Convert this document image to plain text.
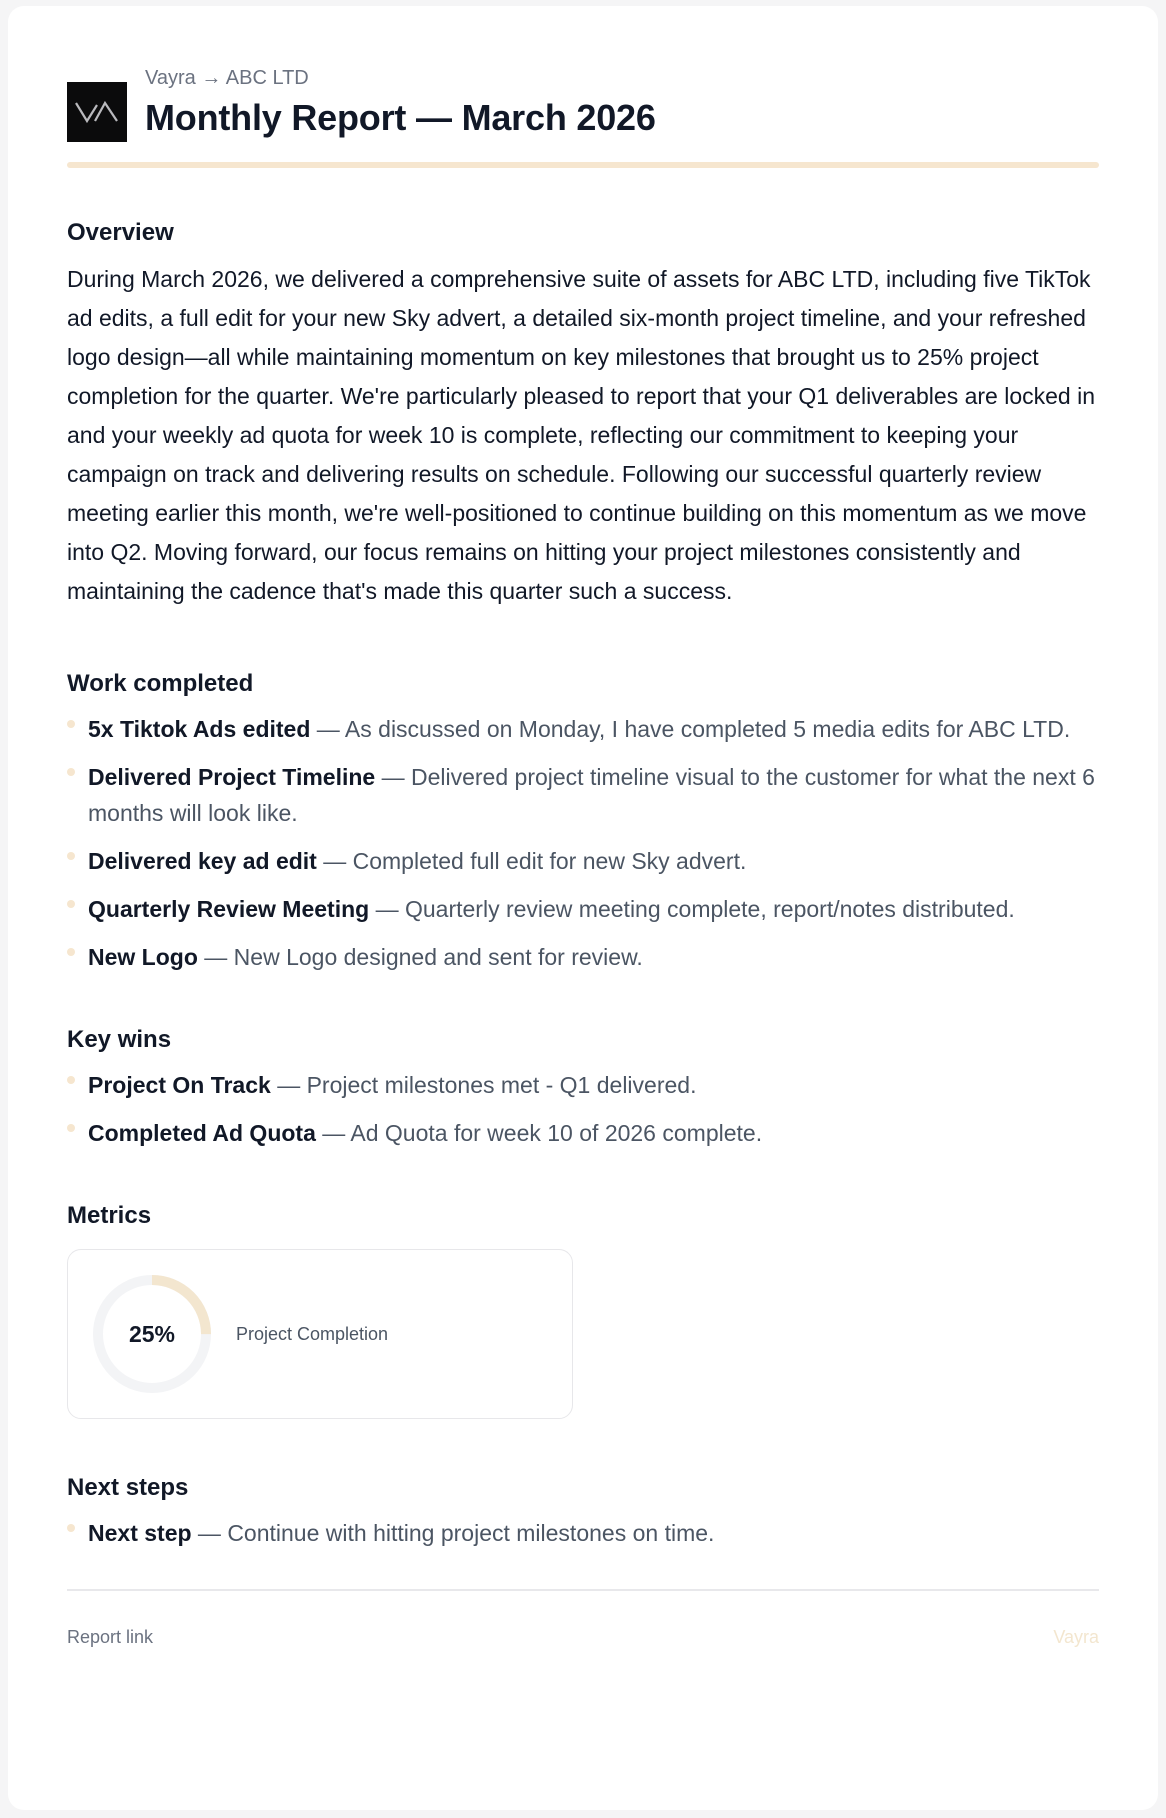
Vayra → ABC LTD
Monthly Report — March 2026
Overview
During March 2026, we delivered a comprehensive suite of assets for ABC LTD, including five TikTok ad edits, a full edit for your new Sky advert, a detailed six-month project timeline, and your refreshed logo design—all while maintaining momentum on key milestones that brought us to 25% project completion for the quarter. We're particularly pleased to report that your Q1 deliverables are locked in and your weekly ad quota for week 10 is complete, reflecting our commitment to keeping your campaign on track and delivering results on schedule. Following our successful quarterly review meeting earlier this month, we're well-positioned to continue building on this momentum as we move into Q2. Moving forward, our focus remains on hitting your project milestones consistently and maintaining the cadence that's made this quarter such a success.
Work completed
5x Tiktok Ads edited — As discussed on Monday, I have completed 5 media edits for ABC LTD.
Delivered Project Timeline — Delivered project timeline visual to the customer for what the next 6 months will look like.
Delivered key ad edit — Completed full edit for new Sky advert.
Quarterly Review Meeting — Quarterly review meeting complete, report/notes distributed.
New Logo — New Logo designed and sent for review.
Key wins
Project On Track — Project milestones met - Q1 delivered.
Completed Ad Quota — Ad Quota for week 10 of 2026 complete.
Metrics
25%	Project Completion
Next steps
Next step — Continue with hitting project milestones on time.
Report link	Vayra
